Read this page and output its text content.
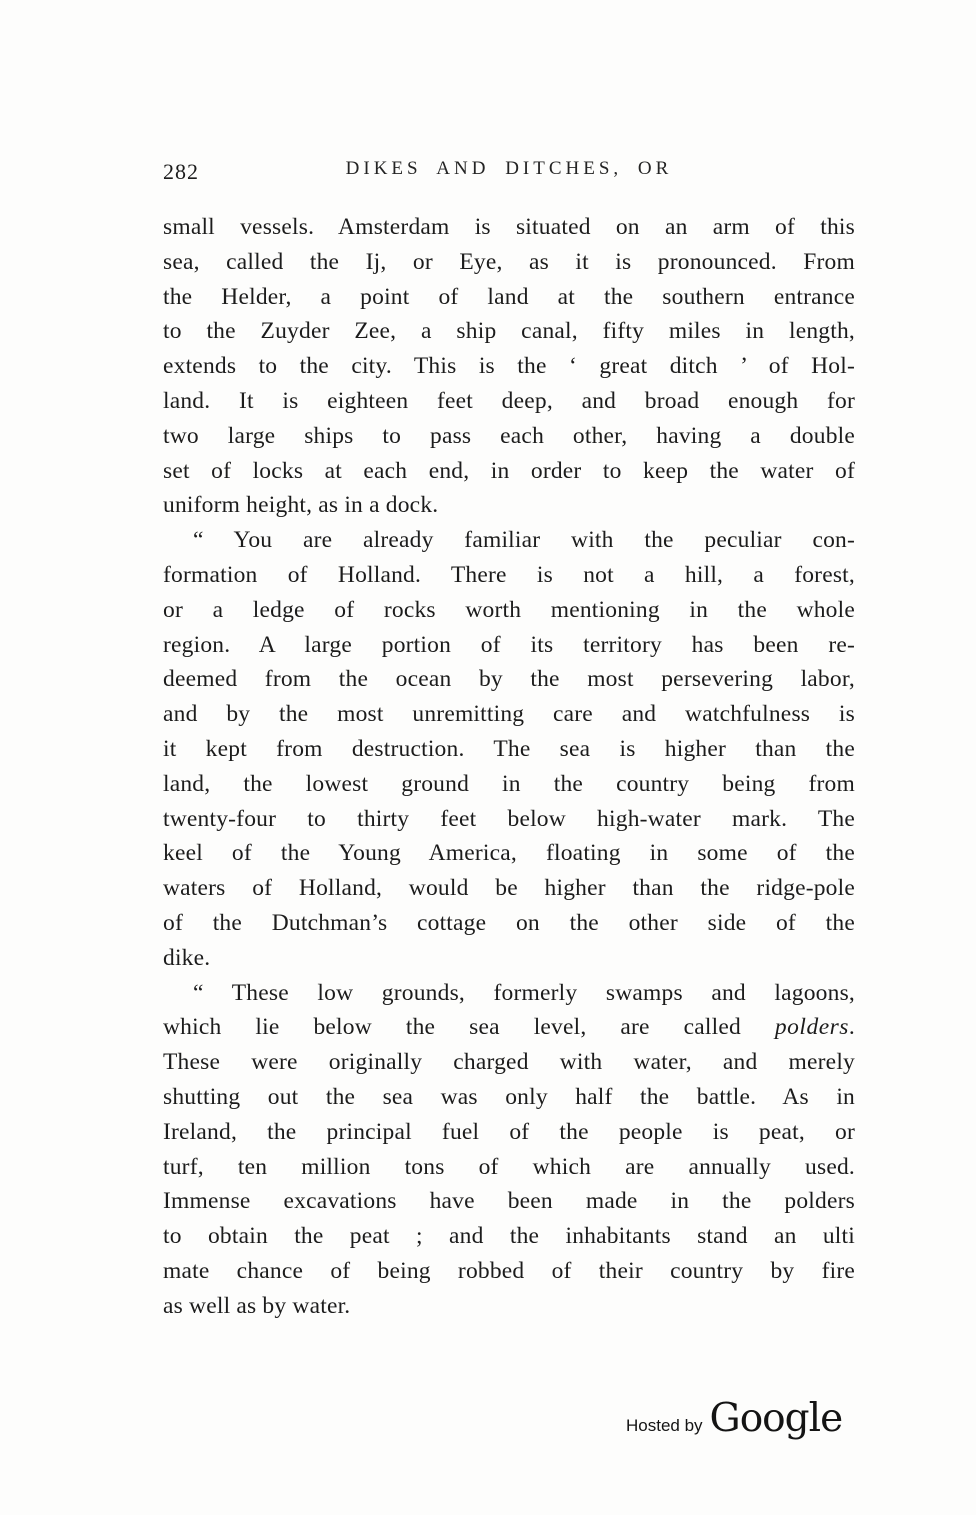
282	DIKES AND DITCHES, OR
small vessels. Amsterdam is situated on an arm of this
sea, called the Ij, or Eye, as it is pronounced. From
the Helder, a point of land at the southern entrance
to the Zuyder Zee, a ship canal, fifty miles in length,
extends to the city. This is the ‘ great ditch ’ of Hol-
land. It is eighteen feet deep, and broad enough for
two large ships to pass each other, having a double
set of locks at each end, in order to keep the water of
uniform height, as in a dock.
“ You are already familiar with the peculiar con-
formation of Holland. There is not a hill, a forest,
or a ledge of rocks worth mentioning in the whole
region. A large portion of its territory has been re-
deemed from the ocean by the most persevering labor,
and by the most unremitting care and watchfulness is
it kept from destruction. The sea is higher than the
land, the lowest ground in the country being from
twenty-four to thirty feet below high-water mark. The
keel of the Young America, floating in some of the
waters of Holland, would be higher than the ridge-pole
of the Dutchman’s cottage on the other side of the
dike.
“ These low grounds, formerly swamps and lagoons,
which lie below the sea level, are called polders.
These were originally charged with water, and merely
shutting out the sea was only half the battle. As in
Ireland, the principal fuel of the people is peat, or
turf, ten million tons of which are annually used.
Immense excavations have been made in the polders
to obtain the peat ; and the inhabitants stand an ulti
mate chance of being robbed of their country by fire
as well as by water.
Hosted by Google
